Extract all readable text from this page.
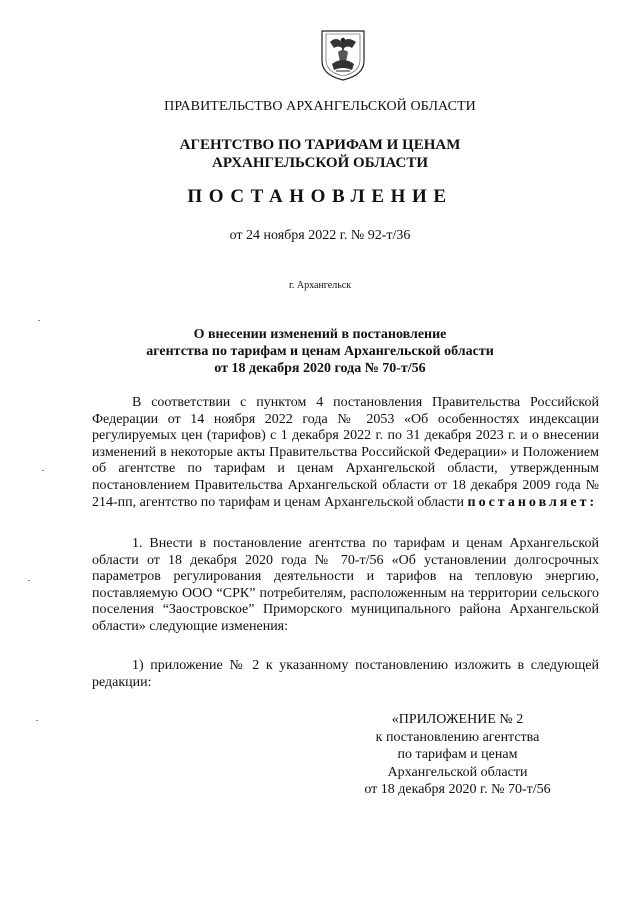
ПРАВИТЕЛЬСТВО АРХАНГЕЛЬСКОЙ ОБЛАСТИ
АГЕНТСТВО ПО ТАРИФАМ И ЦЕНАМ
АРХАНГЕЛЬСКОЙ ОБЛАСТИ
ПОСТАНОВЛЕНИЕ
от 24 ноября 2022 г. № 92-т/36
г. Архангельск
О внесении изменений в постановление
агентства по тарифам и ценам Архангельской области
от 18 декабря 2020 года № 70-т/56
В соответствии с пунктом 4 постановления Правительства Российской Федерации от 14 ноября 2022 года № 2053 «Об особенностях индексации регулируемых цен (тарифов) с 1 декабря 2022 г. по 31 декабря 2023 г. и о внесении изменений в некоторые акты Правительства Российской Федерации» и Положением об агентстве по тарифам и ценам Архангельской области, утвержденным постановлением Правительства Архангельской области от 18 декабря 2009 года № 214-пп, агентство по тарифам и ценам Архангельской области постановляет:
1. Внести в постановление агентства по тарифам и ценам Архангельской области от 18 декабря 2020 года № 70-т/56 «Об установлении долгосрочных параметров регулирования деятельности и тарифов на тепловую энергию, поставляемую ООО “СРК” потребителям, расположенным на территории сельского поселения “Заостровское” Приморского муниципального района Архангельской области» следующие изменения:
1) приложение № 2 к указанному постановлению изложить в следующей редакции:
«ПРИЛОЖЕНИЕ № 2
к постановлению агентства
по тарифам и ценам
Архангельской области
от 18 декабря 2020 г. № 70-т/56
